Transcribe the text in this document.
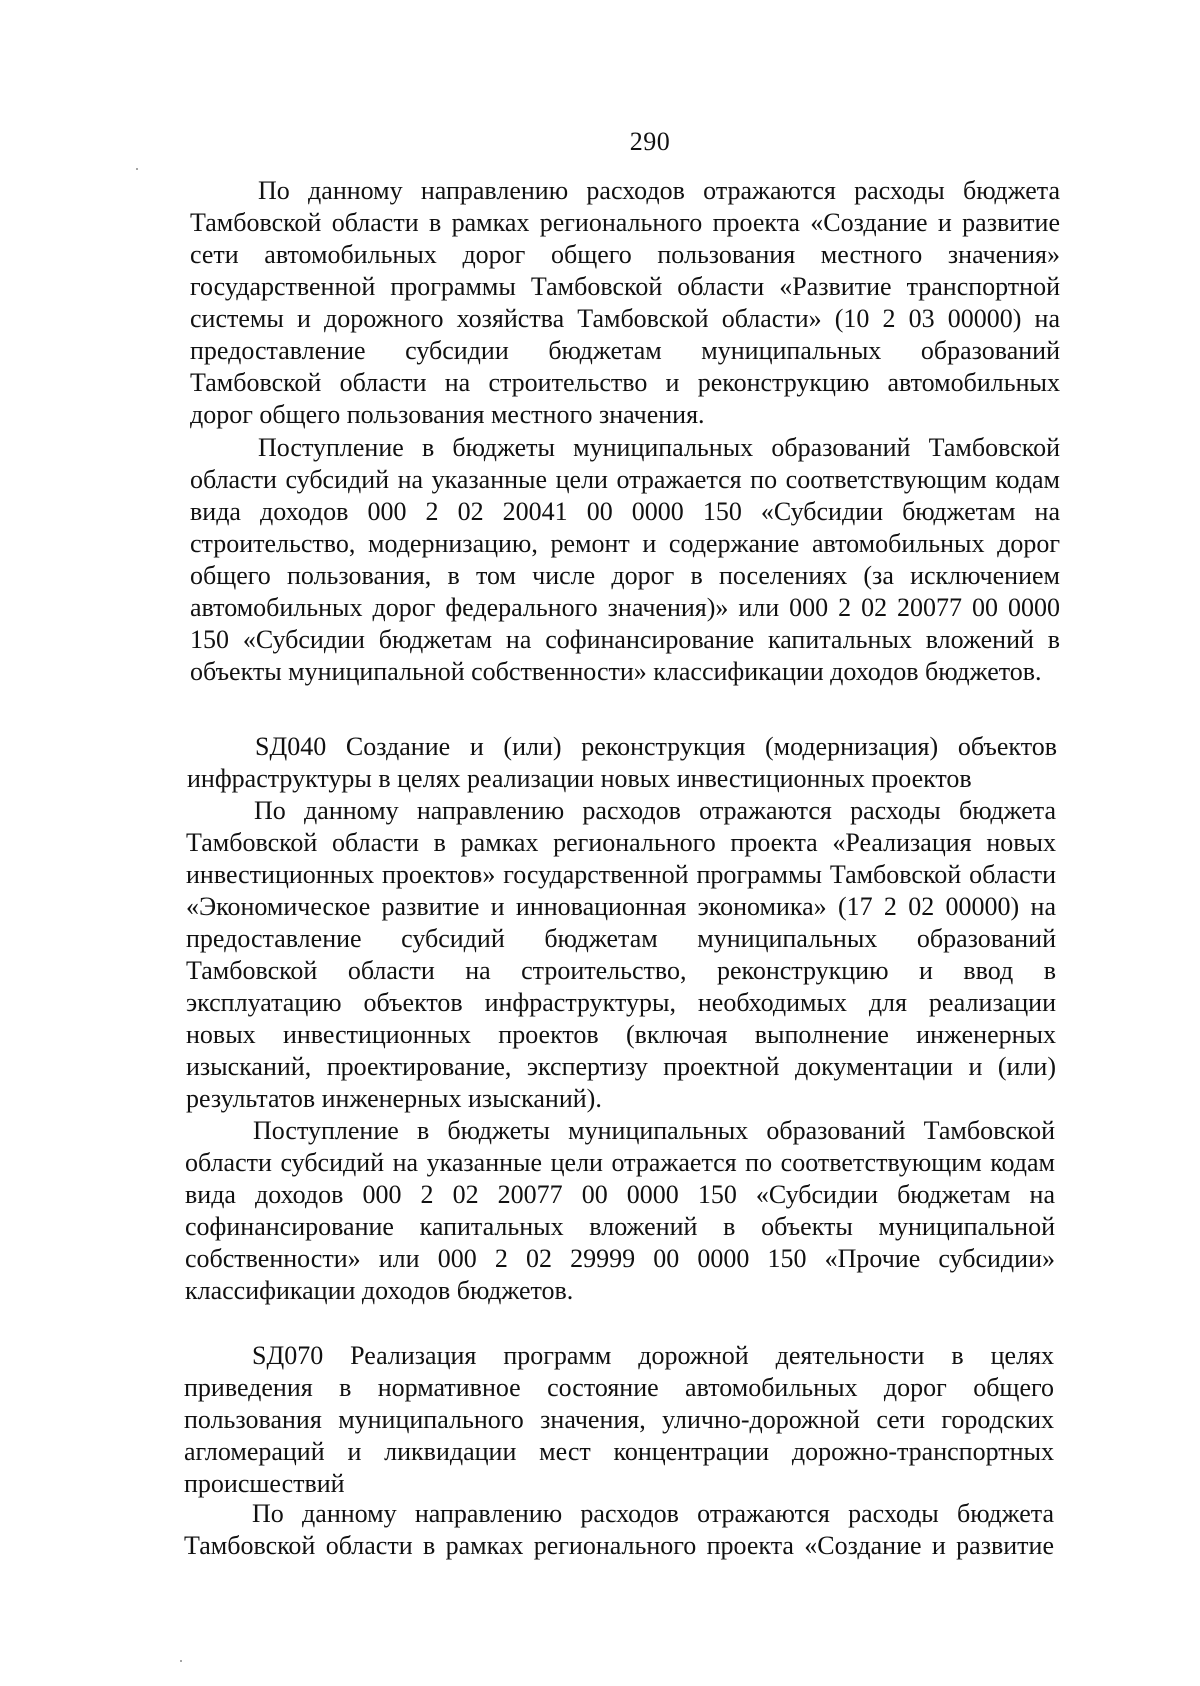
290
По данному направлению расходов отражаются расходы бюджета
Тамбовской области в рамках регионального проекта «Создание и развитие
сети автомобильных дорог общего пользования местного значения»
государственной программы Тамбовской области «Развитие транспортной
системы и дорожного хозяйства Тамбовской области» (10 2 03 00000) на
предоставление субсидии бюджетам муниципальных образований
Тамбовской области на строительство и реконструкцию автомобильных
дорог общего пользования местного значения.
Поступление в бюджеты муниципальных образований Тамбовской
области субсидий на указанные цели отражается по соответствующим кодам
вида доходов 000 2 02 20041 00 0000 150 «Субсидии бюджетам на
строительство, модернизацию, ремонт и содержание автомобильных дорог
общего пользования, в том числе дорог в поселениях (за исключением
автомобильных дорог федерального значения)» или 000 2 02 20077 00 0000
150 «Субсидии бюджетам на софинансирование капитальных вложений в
объекты муниципальной собственности» классификации доходов бюджетов.
SД040 Создание и (или) реконструкция (модернизация) объектов
инфраструктуры в целях реализации новых инвестиционных проектов
По данному направлению расходов отражаются расходы бюджета
Тамбовской области в рамках регионального проекта «Реализация новых
инвестиционных проектов» государственной программы Тамбовской области
«Экономическое развитие и инновационная экономика» (17 2 02 00000) на
предоставление субсидий бюджетам муниципальных образований
Тамбовской области на строительство, реконструкцию и ввод в
эксплуатацию объектов инфраструктуры, необходимых для реализации
новых инвестиционных проектов (включая выполнение инженерных
изысканий, проектирование, экспертизу проектной документации и (или)
результатов инженерных изысканий).
Поступление в бюджеты муниципальных образований Тамбовской
области субсидий на указанные цели отражается по соответствующим кодам
вида доходов 000 2 02 20077 00 0000 150 «Субсидии бюджетам на
софинансирование капитальных вложений в объекты муниципальной
собственности» или 000 2 02 29999 00 0000 150 «Прочие субсидии»
классификации доходов бюджетов.
SД070 Реализация программ дорожной деятельности в целях
приведения в нормативное состояние автомобильных дорог общего
пользования муниципального значения, улично-дорожной сети городских
агломераций и ликвидации мест концентрации дорожно-транспортных
происшествий
По данному направлению расходов отражаются расходы бюджета
Тамбовской области в рамках регионального проекта «Создание и развитие
